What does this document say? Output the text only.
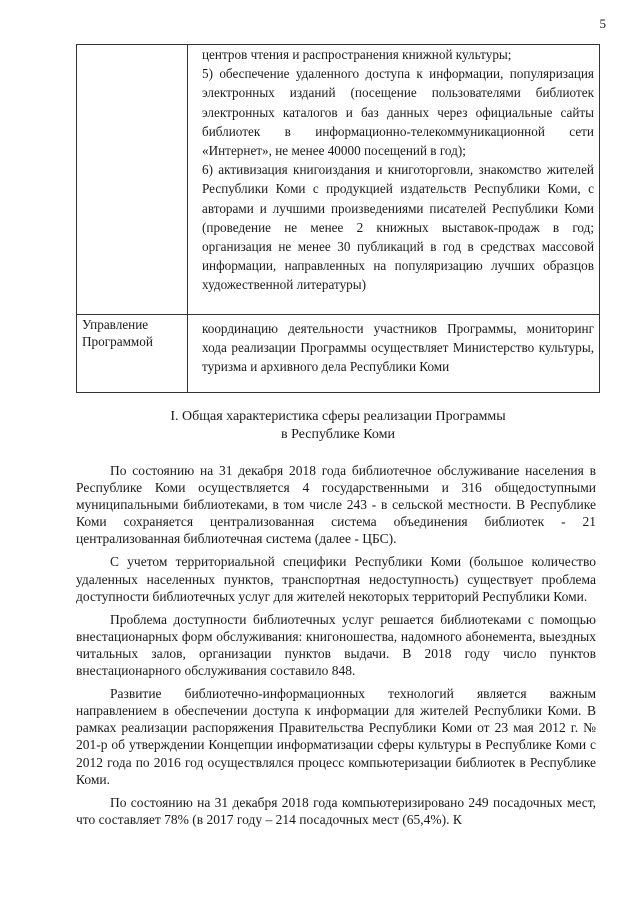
5

	центров чтения и распространения книжной культуры;

5) обеспечение удаленного доступа к информации, популяризация электронных изданий (посещение пользователями библиотек электронных каталогов и баз данных через официальные сайты библиотек в информационно-телекоммуникационной сети «Интернет», не менее 40000 посещений в год);

6) активизация книгоиздания и книготорговли, знакомство жителей Республики Коми с продукцией издательств Республики Коми, с авторами и лучшими произведениями писателей Республики Коми (проведение не менее 2 книжных выставок-продаж в год; организация не менее 30 публикаций в год в средствах массовой информации, направленных на популяризацию лучших образцов художественной литературы)

Управление Программой	координацию деятельности участников Программы, мониторинг хода реализации Программы осуществляет Министерство культуры, туризма и архивного дела Республики Коми

I. Общая характеристика сферы реализации Программы
в Республике Коми

По состоянию на 31 декабря 2018 года библиотечное обслуживание населения в Республике Коми осуществляется 4 государственными и 316 общедоступными муниципальными библиотеками, в том числе 243 - в сельской местности. В Республике Коми сохраняется централизованная система объединения библиотек - 21 централизованная библиотечная система (далее - ЦБС).

С учетом территориальной специфики Республики Коми (большое количество удаленных населенных пунктов, транспортная недоступность) существует проблема доступности библиотечных услуг для жителей некоторых территорий Республики Коми.

Проблема доступности библиотечных услуг решается библиотеками с помощью внестационарных форм обслуживания: книгоношества, надомного абонемента, выездных читальных залов, организации пунктов выдачи. В 2018 году число пунктов внестационарного обслуживания составило 848.

Развитие библиотечно-информационных технологий является важным направлением в обеспечении доступа к информации для жителей Республики Коми. В рамках реализации распоряжения Правительства Республики Коми от 23 мая 2012 г. № 201-р об утверждении Концепции информатизации сферы культуры в Республике Коми с 2012 года по 2016 год осуществлялся процесс компьютеризации библиотек в Республике Коми.

По состоянию на 31 декабря 2018 года компьютеризировано 249 посадочных мест, что составляет 78% (в 2017 году – 214 посадочных мест (65,4%). К
